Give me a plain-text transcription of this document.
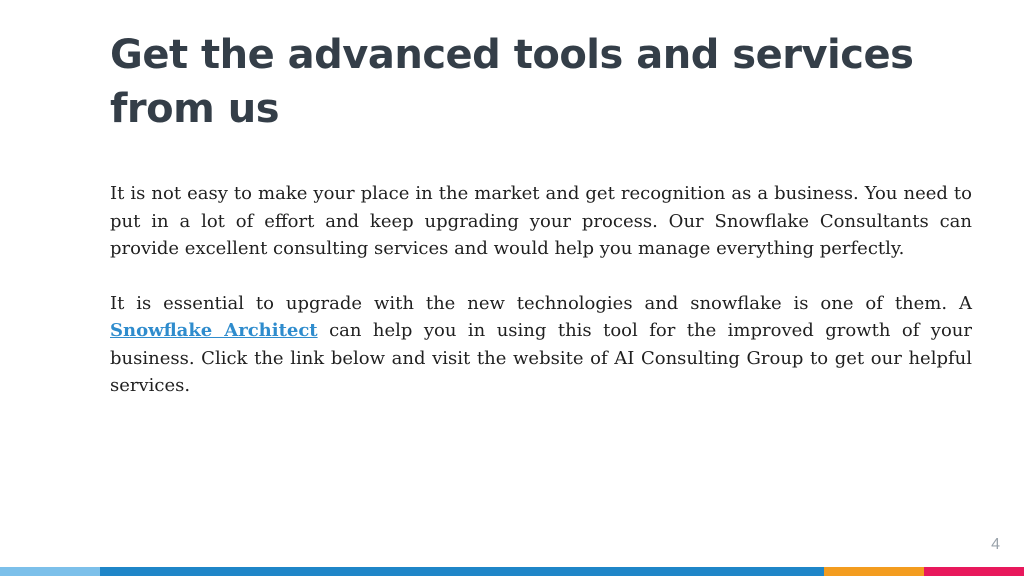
Get the advanced tools and services from us

It is not easy to make your place in the market and get recognition as a business. You need to put in a lot of effort and keep upgrading your process. Our Snowflake Consultants can provide excellent consulting services and would help you manage everything perfectly.

It is essential to upgrade with the new technologies and snowflake is one of them. A Snowflake Architect can help you in using this tool for the improved growth of your business. Click the link below and visit the website of AI Consulting Group to get our helpful services.

4
